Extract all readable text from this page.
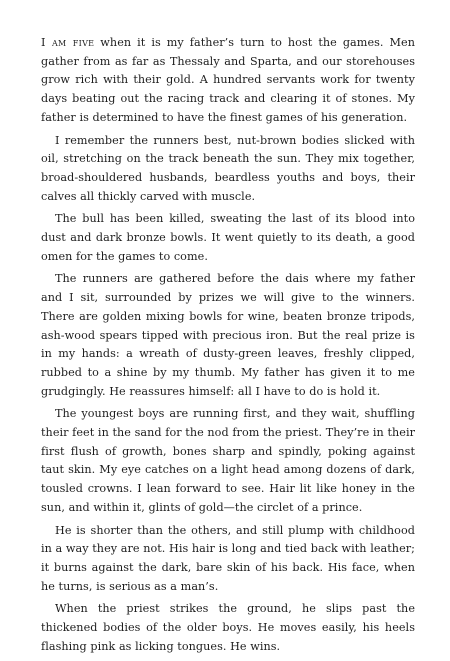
I am five when it is my father’s turn to host the games. Men gather from as far as Thessaly and Sparta, and our storehouses grow rich with their gold. A hundred servants work for twenty days beating out the racing track and clearing it of stones. My father is determined to have the finest games of his generation.

I remember the runners best, nut-brown bodies slicked with oil, stretching on the track beneath the sun. They mix together, broad-shouldered husbands, beardless youths and boys, their calves all thickly carved with muscle.

The bull has been killed, sweating the last of its blood into dust and dark bronze bowls. It went quietly to its death, a good omen for the games to come.

The runners are gathered before the dais where my father and I sit, surrounded by prizes we will give to the winners. There are golden mixing bowls for wine, beaten bronze tripods, ash-wood spears tipped with precious iron. But the real prize is in my hands: a wreath of dusty-green leaves, freshly clipped, rubbed to a shine by my thumb. My father has given it to me grudgingly. He reassures himself: all I have to do is hold it.

The youngest boys are running first, and they wait, shuffling their feet in the sand for the nod from the priest. They’re in their first flush of growth, bones sharp and spindly, poking against taut skin. My eye catches on a light head among dozens of dark, tousled crowns. I lean forward to see. Hair lit like honey in the sun, and within it, glints of gold—the circlet of a prince.

He is shorter than the others, and still plump with childhood in a way they are not. His hair is long and tied back with leather; it burns against the dark, bare skin of his back. His face, when he turns, is serious as a man’s.

When the priest strikes the ground, he slips past the thickened bodies of the older boys. He moves easily, his heels flashing pink as licking tongues. He wins.
